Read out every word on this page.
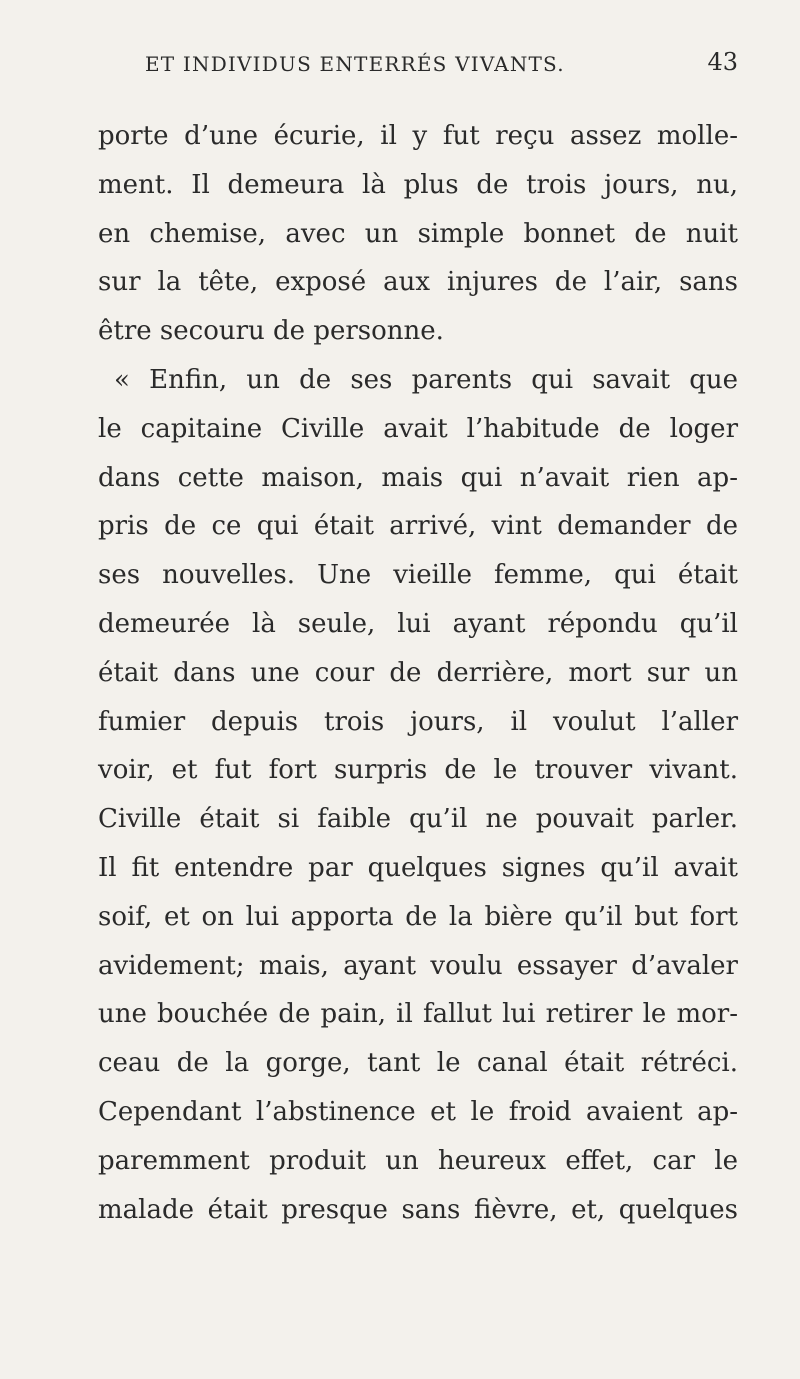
ET INDIVIDUS ENTERRÉS VIVANTS.	43
porte d’une écurie, il y fut reçu assez molle-
ment. Il demeura là plus de trois jours, nu,
en chemise, avec un simple bonnet de nuit
sur la tête, exposé aux injures de l’air, sans
être secouru de personne.
« Enfin, un de ses parents qui savait que
le capitaine Civille avait l’habitude de loger
dans cette maison, mais qui n’avait rien ap-
pris de ce qui était arrivé, vint demander de
ses nouvelles. Une vieille femme, qui était
demeurée là seule, lui ayant répondu qu’il
était dans une cour de derrière, mort sur un
fumier depuis trois jours, il voulut l’aller
voir, et fut fort surpris de le trouver vivant.
Civille était si faible qu’il ne pouvait parler.
Il fit entendre par quelques signes qu’il avait
soif, et on lui apporta de la bière qu’il but fort
avidement; mais, ayant voulu essayer d’avaler
une bouchée de pain, il fallut lui retirer le mor-
ceau de la gorge, tant le canal était rétréci.
Cependant l’abstinence et le froid avaient ap-
paremment produit un heureux effet, car le
malade était presque sans fièvre, et, quelques
